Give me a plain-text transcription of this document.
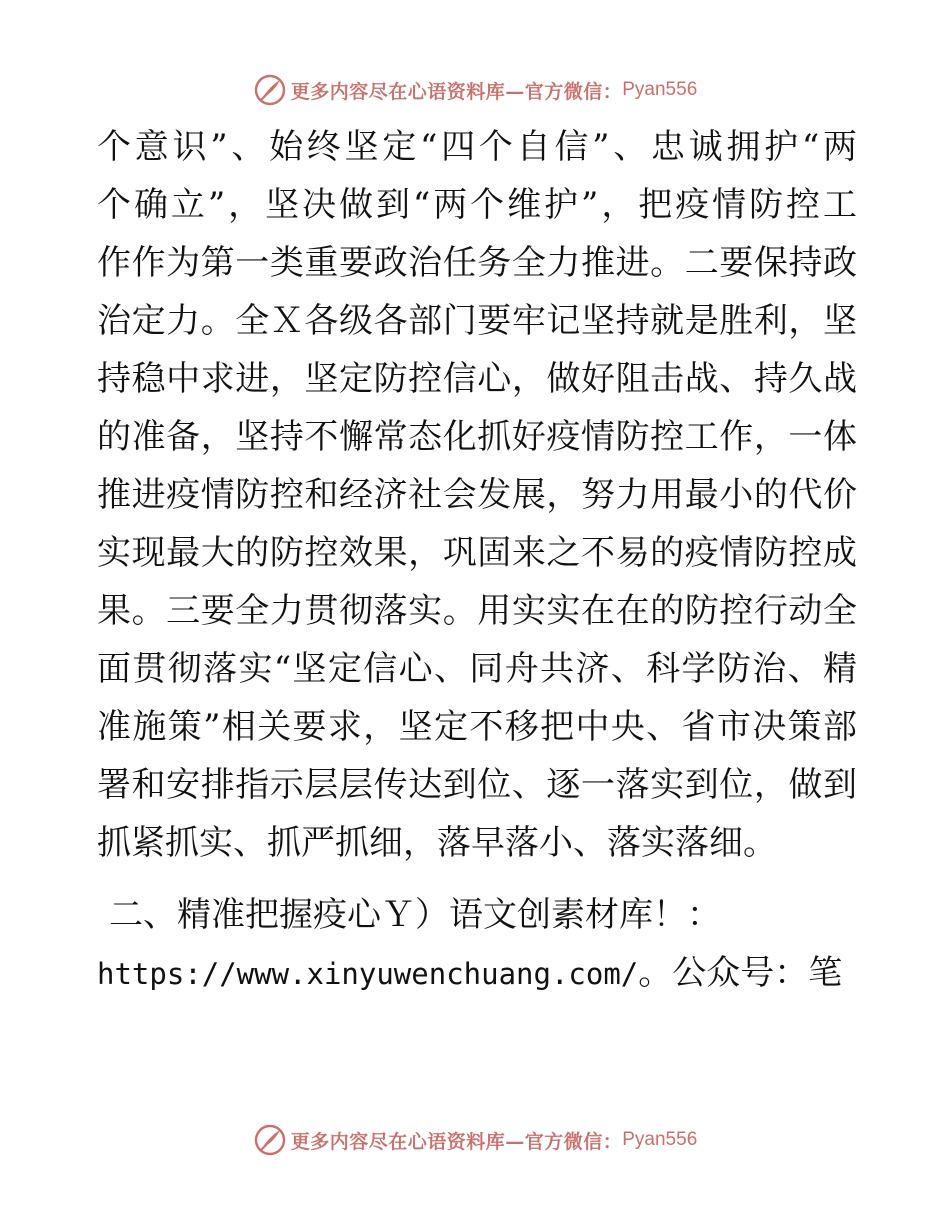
更多内容尽在心语资料库—官方微信： Pyan556
个意识”、始终坚定“四个自信”、忠诚拥护“两
个确立”，坚决做到“两个维护”，把疫情防控工
作作为第一类重要政治任务全力推进。二要保持政
治定力。全Ｘ各级各部门要牢记坚持就是胜利，坚
持稳中求进，坚定防控信心，做好阻击战、持久战
的准备，坚持不懈常态化抓好疫情防控工作，一体
推进疫情防控和经济社会发展，努力用最小的代价
实现最大的防控效果，巩固来之不易的疫情防控成
果。三要全力贯彻落实。用实实在在的防控行动全
面贯彻落实“坚定信心、同舟共济、科学防治、精
准施策”相关要求，坚定不移把中央、省市决策部
署和安排指示层层传达到位、逐一落实到位，做到
抓紧抓实、抓严抓细，落早落小、落实落细。
二、精准把握疫心Ｙ）语文创素材库！：
https://www.xinyuwenchuang.com/。公众号：笔
更多内容尽在心语资料库—官方微信： Pyan556
